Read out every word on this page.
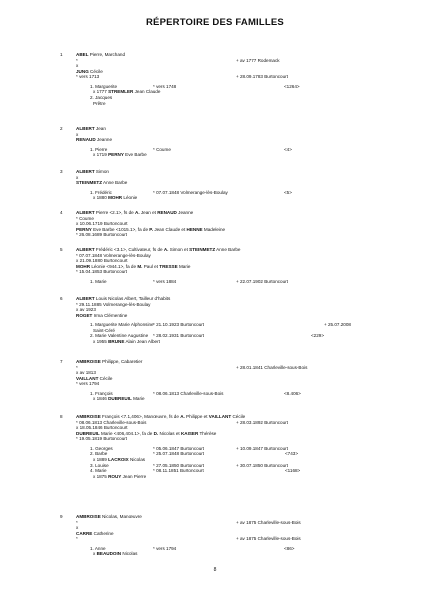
RÉPERTOIRE DES FAMILLES
1	ABEL Pierre, Marchand
*	+ av 1777 Rodemack
x
JUNG Cécile
* vers 1713	+ 28.09.1783 Burtoncourt
1. Marguerite	* vers 1748	<1264>
x 1777 STREMLER Jean Claude
2. Jacques
Prêtre
2	ALBERT Jean
x
RENAUD Jeanne
1. Pierre	* Coume	<4>
x 1719 PERNY Eve Barbe
3	ALBERT Simon
x
STEINMETZ Anne Barbe
1. Frédéric	* 07.07.1848 Volmerange-lès-Boulay	<5>
x 1880 MOHR Léonie
4	ALBERT Pierre <2.1>, fs de A. Jean et RENAUD Jeanne
* Coume
x 10.06.1719 Burtoncourt
PERNY Eve Barbe <1015.1>, fa de P. Jean Claude et HENNE Madeleine
* 26.08.1689 Burtoncourt
5	ALBERT Frédéric <3.1>, Cultivateur, fs de A. Simon et STEINMETZ Anne Barbe
* 07.07.1848 Volmerange-lès-Boulay
x 21.09.1880 Burtoncourt
MOHR Léonie <944.1>, fa de M. Paul et TRESSE Marie
* 15.04.1853 Burtoncourt
1. Marie	* vers 1884	+ 22.07.1902 Burtoncourt
6	ALBERT Louis Nicolas Albert, Tailleur d'habits
* 29.11.1885 Volmerange-lès-Boulay
x av 1923
ROGET Irma Clémentine
1. Marguerite Marie Alphonsine * 21.10.1923 Burtoncourt	+ 25.07.2008
Saint-Céré
2. Marie Valentine Augustine * 28.02.1931 Burtoncourt	<229>
x 1955 BRUNE Alain Jean Albert
7	AMBROISE Philippe, Cabaretier
*	+ 28.01.1841 Charleville-sous-Bois
x av 1813
VAILLANT Cécile
* vers 1794
1. François	* 08.06.1813 Charleville-sous-Bois	<8.406>
x 1846 DUBREUIL Marie
8	AMBROISE François <7.1,406>, Manœuvre, fs de A. Philippe et VAILLANT Cécile
* 08.06.1813 Charleville-sous-Bois	+ 28.03.1892 Burtoncourt
x 18.05.1846 Burtoncourt
DUBREUIL Marie <406,404.1>, fa de D. Nicolas et KAISER Thérèse
* 19.05.1819 Burtoncourt
1. Georges	* 05.06.1847 Burtoncourt	+ 10.09.1847 Burtoncourt
2. Barbe	* 25.07.1848 Burtoncourt	<743>
x 1889 LACROIX Nicolas
3. Louise	* 27.05.1850 Burtoncourt	+ 30.07.1850 Burtoncourt
4. Marie	* 08.11.1851 Burtoncourt	<1168>
x 1875 ROUY Jean Pierre
9	AMBROISE Nicolas, Manœuvre
*	+ av 1875 Charleville-sous-Bois
x
CARRE Catherine
*	+ av 1875 Charleville-sous-Bois
1. Anne	* vers 1794	<86>
x BEAUDOIN Nicolas
8
